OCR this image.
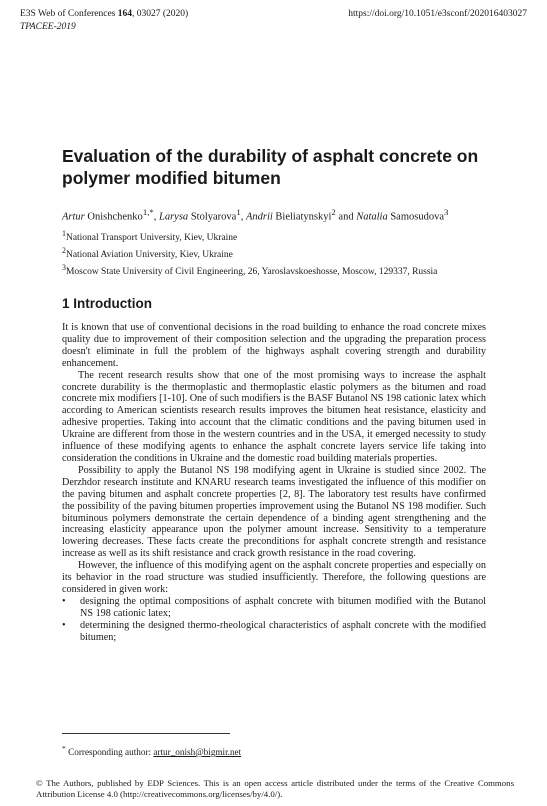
E3S Web of Conferences 164, 03027 (2020)	https://doi.org/10.1051/e3sconf/202016403027
TPACEE-2019
Evaluation of the durability of asphalt concrete on polymer modified bitumen
Artur Onishchenko$^{1,*}$, Larysa Stolyarova$^1$, Andrii Bieliatynskyi$^2$ and Natalia Samosudova$^3$
$^1$National Transport University, Kiev, Ukraine
$^2$National Aviation University, Kiev, Ukraine
$^3$Moscow State University of Civil Engineering, 26, Yaroslavskoeshosse, Moscow, 129337, Russia
1 Introduction

It is known that use of conventional decisions in the road building to enhance the road concrete mixes quality due to improvement of their composition selection and the upgrading the preparation process doesn't eliminate in full the problem of the highways asphalt covering strength and durability enhancement.

The recent research results show that one of the most promising ways to increase the asphalt concrete durability is the thermoplastic and thermoplastic elastic polymers as the bitumen and road concrete mix modifiers [1-10]. One of such modifiers is the BASF Butanol NS 198 cationic latex which according to American scientists research results improves the bitumen heat resistance, elasticity and adhesive properties. Taking into account that the climatic conditions and the paving bitumen used in Ukraine are different from those in the western countries and in the USA, it emerged necessity to study influence of these modifying agents to enhance the asphalt concrete layers service life taking into consideration the conditions in Ukraine and the domestic road building materials properties.

Possibility to apply the Butanol NS 198 modifying agent in Ukraine is studied since 2002. The Derzhdor research institute and KNARU research teams investigated the influence of this modifier on the paving bitumen and asphalt concrete properties [2, 8]. The laboratory test results have confirmed the possibility of the paving bitumen properties improvement using the Butanol NS 198 modifier. Such bituminous polymers demonstrate the certain dependence of a binding agent strengthening and the increasing elasticity appearance upon the polymer amount increase. Sensitivity to a temperature lowering decreases. These facts create the preconditions for asphalt concrete strength and resistance increase as well as its shift resistance and crack growth resistance in the road covering.

However, the influence of this modifying agent on the asphalt concrete properties and especially on its behavior in the road structure was studied insufficiently. Therefore, the following questions are considered in given work:

•	designing the optimal compositions of asphalt concrete with bitumen modified with the Butanol NS 198 cationic latex;
•	determining the designed thermo-rheological characteristics of asphalt concrete with the modified bitumen;
* Corresponding author: artur_onish@bigmir.net
© The Authors, published by EDP Sciences. This is an open access article distributed under the terms of the Creative Commons Attribution License 4.0 (http://creativecommons.org/licenses/by/4.0/).
